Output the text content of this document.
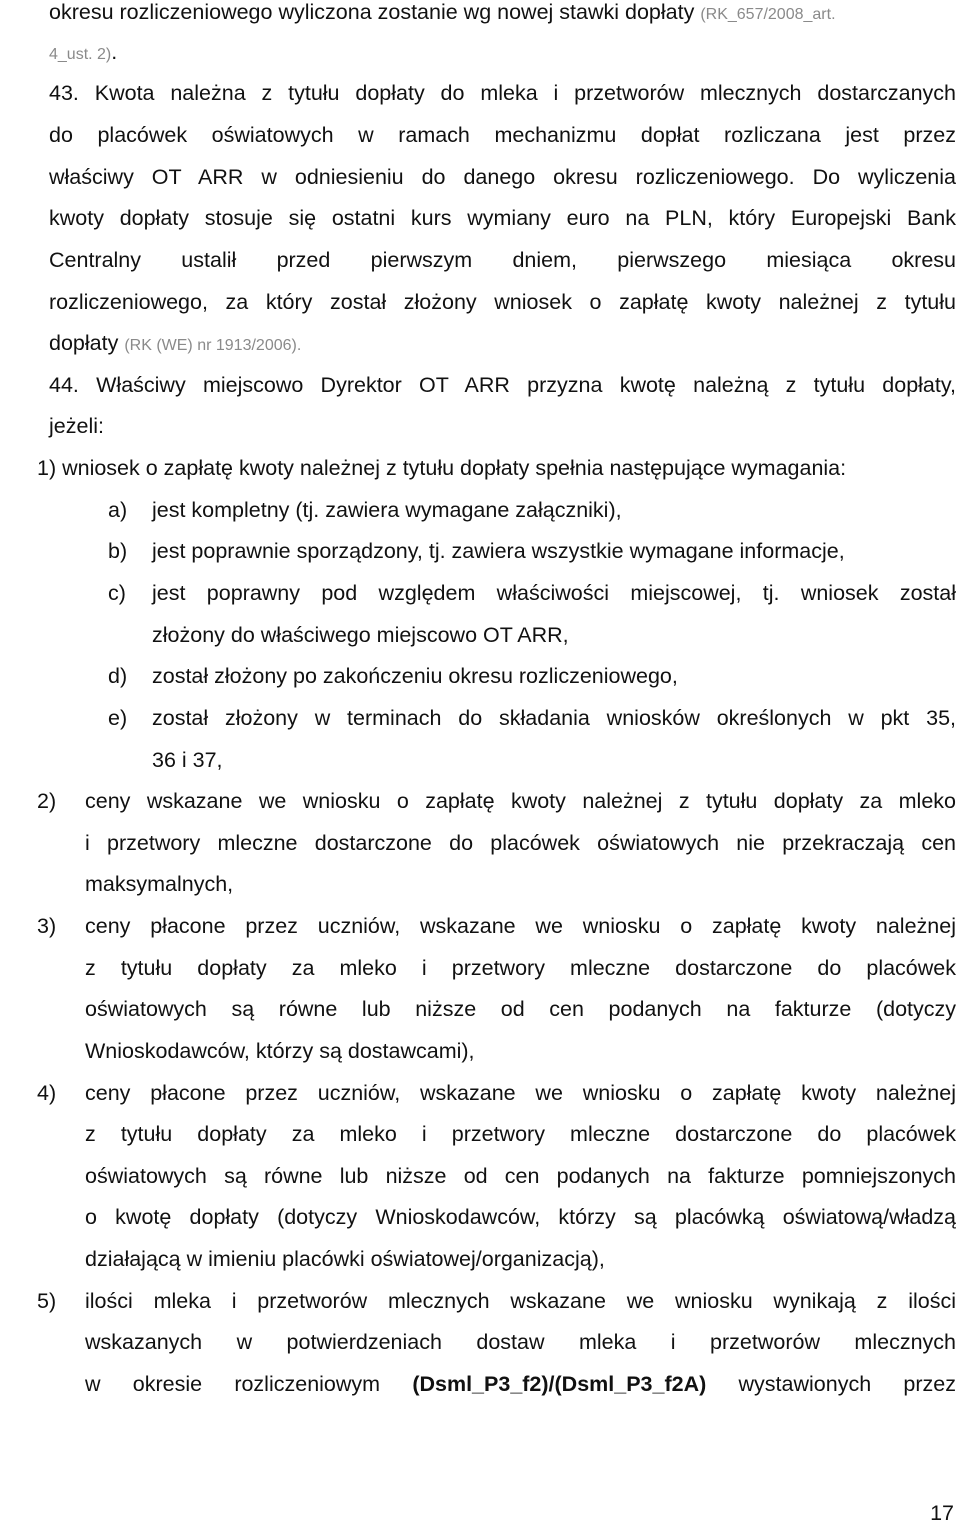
okresu rozliczeniowego wyliczona zostanie wg nowej stawki dopłaty (RK_657/2008_art.
4_ust. 2).
43. Kwota należna z tytułu dopłaty do mleka i przetworów mlecznych dostarczanych
do placówek oświatowych w ramach mechanizmu dopłat rozliczana jest przez
właściwy OT ARR w odniesieniu do danego okresu rozliczeniowego. Do wyliczenia
kwoty dopłaty stosuje się ostatni kurs wymiany euro na PLN, który Europejski Bank
Centralny ustalił przed pierwszym dniem, pierwszego miesiąca okresu
rozliczeniowego, za który został złożony wniosek o zapłatę kwoty należnej z tytułu
dopłaty (RK (WE) nr 1913/2006).
44. Właściwy miejscowo Dyrektor OT ARR przyzna kwotę należną z tytułu dopłaty,
jeżeli:
1) wniosek o zapłatę kwoty należnej z tytułu dopłaty spełnia następujące wymagania:
a) jest kompletny (tj. zawiera wymagane załączniki),
b) jest poprawnie sporządzony, tj. zawiera wszystkie wymagane informacje,
c) jest poprawny pod względem właściwości miejscowej, tj. wniosek został
złożony do właściwego miejscowo OT ARR,
d) został złożony po zakończeniu okresu rozliczeniowego,
e) został złożony w terminach do składania wniosków określonych w pkt 35,
36 i 37,
2) ceny wskazane we wniosku o zapłatę kwoty należnej z tytułu dopłaty za mleko
i przetwory mleczne dostarczone do placówek oświatowych nie przekraczają cen
maksymalnych,
3) ceny płacone przez uczniów, wskazane we wniosku o zapłatę kwoty należnej
z tytułu dopłaty za mleko i przetwory mleczne dostarczone do placówek
oświatowych są równe lub niższe od cen podanych na fakturze (dotyczy
Wnioskodawców, którzy są dostawcami),
4) ceny płacone przez uczniów, wskazane we wniosku o zapłatę kwoty należnej
z tytułu dopłaty za mleko i przetwory mleczne dostarczone do placówek
oświatowych są równe lub niższe od cen podanych na fakturze pomniejszonych
o kwotę dopłaty (dotyczy Wnioskodawców, którzy są placówką oświatową/władzą
działającą w imieniu placówki oświatowej/organizacją),
5) ilości mleka i przetworów mlecznych wskazane we wniosku wynikają z ilości
wskazanych w potwierdzeniach dostaw mleka i przetworów mlecznych
w okresie rozliczeniowym (Dsml_P3_f2)/(Dsml_P3_f2A) wystawionych przez
17
